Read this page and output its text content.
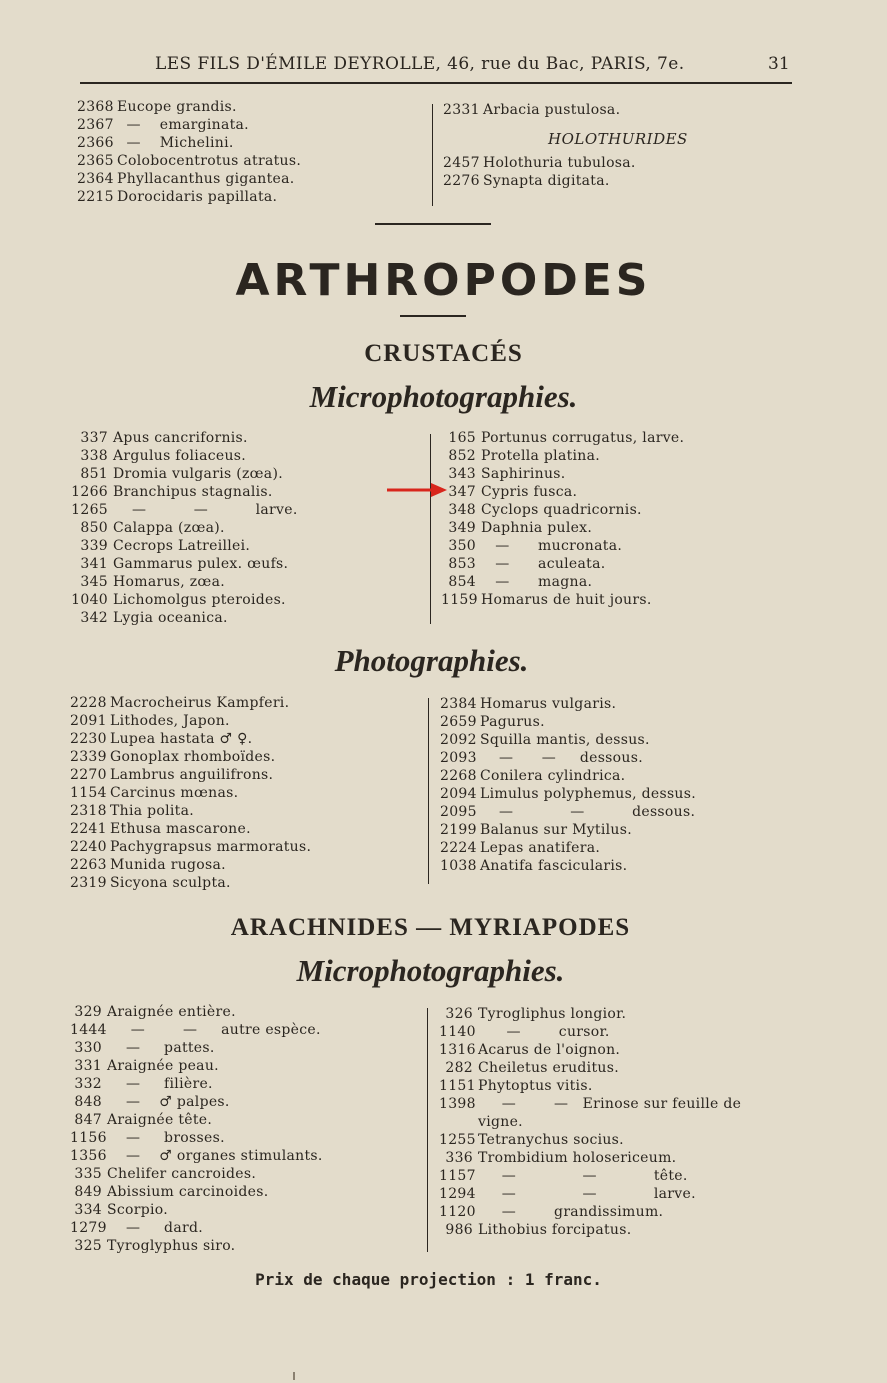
LES FILS D'ÉMILE DEYROLLE, 46, rue du Bac, PARIS, 7e.	31
2368 Eucope grandis.
2367  —    emarginata.
2366  —    Michelini.
2365 Colobocentrotus atratus.
2364 Phyllacanthus gigantea.
2215 Dorocidaris papillata.
2331 Arbacia pustulosa.
HOLOTHURIDES
2457 Holothuria tubulosa.
2276 Synapta digitata.
ARTHROPODES
CRUSTACÉS
Microphotographies.
337 Apus cancrifornis.
338 Argulus foliaceus.
851 Dromia vulgaris (zœa).
1266 Branchipus stagnalis.
1265    —          —          larve.
850 Calappa (zœa).
339 Cecrops Latreillei.
341 Gammarus pulex. œufs.
345 Homarus, zœa.
1040 Lichomolgus pteroides.
342 Lygia oceanica.
165 Portunus corrugatus, larve.
852 Protella platina.
343 Saphirinus.
347 Cypris fusca.
348 Cyclops quadricornis.
349 Daphnia pulex.
350   —      mucronata.
853   —      aculeata.
854   —      magna.
1159 Homarus de huit jours.
Photographies.
2228 Macrocheirus Kampferi.
2091 Lithodes, Japon.
2230 Lupea hastata ♂ ♀.
2339 Gonoplax rhomboïdes.
2270 Lambrus anguilifrons.
1154 Carcinus mœnas.
2318 Thia polita.
2241 Ethusa mascarone.
2240 Pachygrapsus marmoratus.
2263 Munida rugosa.
2319 Sicyona sculpta.
2384 Homarus vulgaris.
2659 Pagurus.
2092 Squilla mantis, dessus.
2093    —      —     dessous.
2268 Conilera cylindrica.
2094 Limulus polyphemus, dessus.
2095    —            —          dessous.
2199 Balanus sur Mytilus.
2224 Lepas anatifera.
1038 Anatifa fascicularis.
ARACHNIDES — MYRIAPODES
Microphotographies.
329 Araignée entière.
1444     —        —     autre espèce.
330    —     pattes.
331 Araignée peau.
332    —     filière.
848    —    ♂ palpes.
847 Araignée tête.
1156    —     brosses.
1356    —    ♂ organes stimulants.
335 Chelifer cancroides.
849 Abissium carcinoides.
334 Scorpio.
1279    —     dard.
325 Tyroglyphus siro.
326 Tyrogliphus longior.
1140      —        cursor.
1316 Acarus de l'oignon.
282 Cheiletus eruditus.
1151 Phytoptus vitis.
1398     —        —   Erinose sur feuille de
vigne.
1255 Tetranychus socius.
336 Trombidium holosericeum.
1157     —              —            tête.
1294     —              —            larve.
1120     —        grandissimum.
986 Lithobius forcipatus.
Prix de chaque projection : 1 franc.
